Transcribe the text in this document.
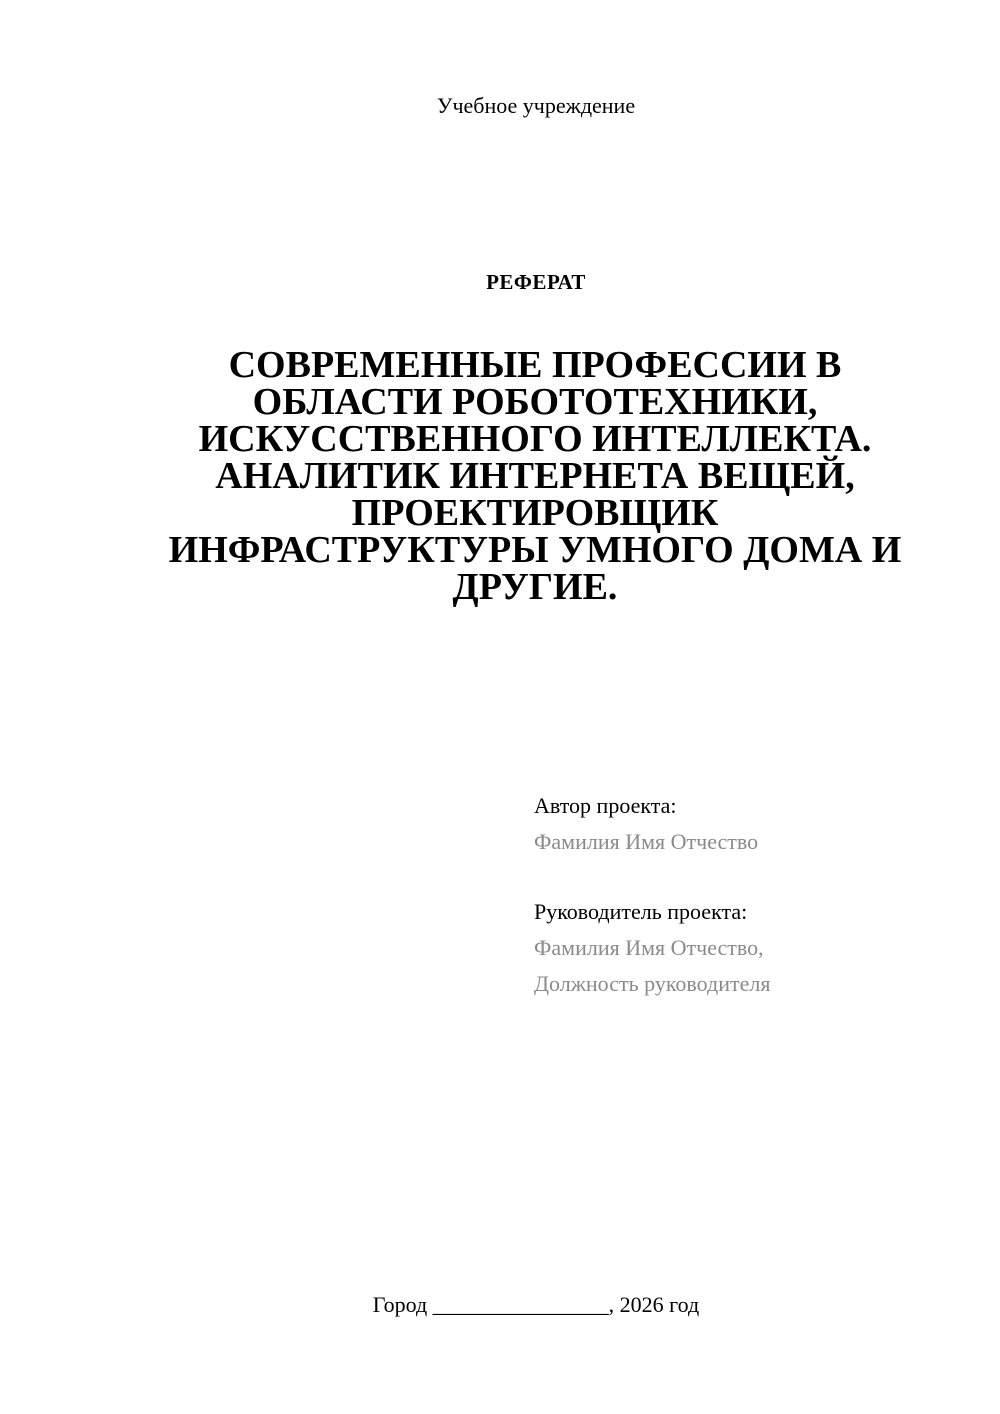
Учебное учреждение
РЕФЕРАТ
СОВРЕМЕННЫЕ ПРОФЕССИИ В
ОБЛАСТИ РОБОТОТЕХНИКИ,
ИСКУССТВЕННОГО ИНТЕЛЛЕКТА.
АНАЛИТИК ИНТЕРНЕТА ВЕЩЕЙ,
ПРОЕКТИРОВЩИК
ИНФРАСТРУКТУРЫ УМНОГО ДОМА И
ДРУГИЕ.
Автор проекта:
Фамилия Имя Отчество
Руководитель проекта:
Фамилия Имя Отчество,
Должность руководителя
Город ________________, 2026 год
